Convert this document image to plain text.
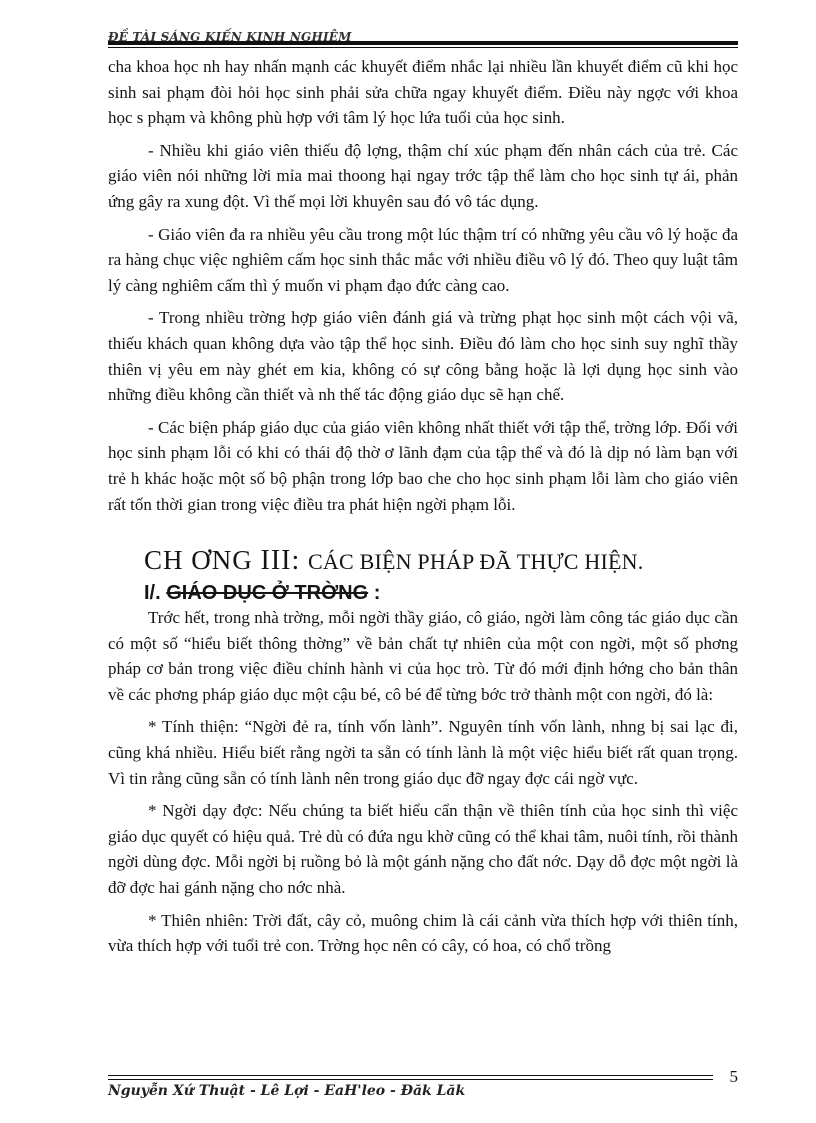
ĐỀ TÀI SÁNG KIẾN KINH NGHIỆM

cha khoa học nh hay nhấn mạnh các khuyết điểm nhắc lại nhiều lần khuyết điểm cũ khi học sinh sai phạm đòi hỏi học sinh phải sửa chữa ngay khuyết điểm. Điều này ngợc với khoa học s phạm và không phù hợp với tâm lý học lứa tuổi của học sinh.

- Nhiều khi giáo viên thiếu độ lợng, thậm chí xúc phạm đến nhân cách của trẻ. Các giáo viên nói những lời mỉa mai thoong hại ngay trớc tập thể làm cho học sinh tự ái, phản ứng gây ra xung đột. Vì thế mọi lời khuyên sau đó vô tác dụng.

- Giáo viên đa ra nhiều yêu cầu trong một lúc thậm trí có những yêu cầu vô lý hoặc đa ra hàng chục việc nghiêm cấm học sinh thắc mắc với nhiều điều vô lý đó. Theo quy luật tâm lý càng nghiêm cấm thì ý muốn vi phạm đạo đức càng cao.

- Trong nhiều trờng hợp giáo viên đánh giá và trừng phạt học sinh một cách vội vã, thiếu khách quan không dựa vào tập thể học sinh. Điều đó làm cho học sinh suy nghĩ thầy thiên vị yêu em này ghét em kia, không có sự công bằng hoặc là lợi dụng học sinh vào những điều không cần thiết và nh thế tác động giáo dục sẽ hạn chế.

- Các biện pháp giáo dục của giáo viên không nhất thiết với tập thể, trờng lớp. Đối với học sinh phạm lỗi có khi có thái độ thờ ơ lãnh đạm của tập thể và đó là dịp nó làm bạn với trẻ h khác hoặc một số bộ phận trong lớp bao che cho học sinh phạm lỗi làm cho giáo viên rất tốn thời gian trong việc điều tra phát hiện ngời phạm lỗi.

CH ƠNG III: CÁC BIỆN PHÁP ĐÃ THỰC HIỆN.
I/. GIÁO DỤC Ở TRỜNG :

Trớc hết, trong nhà trờng, mỗi ngời thầy giáo, cô giáo, ngời làm công tác giáo dục cần có một số “hiểu biết thông thờng” về bản chất tự nhiên của một con ngời, một số phơng pháp cơ bản trong việc điều chỉnh hành vi của học trò. Từ đó mới định hớng cho bản thân về các phơng pháp giáo dục một cậu bé, cô bé để từng bớc trở thành một con ngời, đó là:

* Tính thiện: “Ngời đẻ ra, tính vốn lành”. Nguyên tính vốn lành, nhng bị sai lạc đi, cũng khá nhiều. Hiểu biết rằng ngời ta sẵn có tính lành là một việc hiểu biết rất quan trọng. Vì tin rằng cũng sẵn có tính lành nên trong giáo dục đỡ ngay đợc cái ngờ vực.

* Ngời dạy đợc: Nếu chúng ta biết hiểu cẩn thận về thiên tính của học sinh thì việc giáo dục quyết có hiệu quả. Trẻ dù có đứa ngu khờ cũng có thể khai tâm, nuôi tính, rồi thành ngời dùng đợc. Mỗi ngời bị ruồng bỏ là một gánh nặng cho đất nớc. Dạy dỗ đợc một ngời là đỡ đợc hai gánh nặng cho nớc nhà.

* Thiên nhiên: Trời đất, cây cỏ, muông chim là cái cảnh vừa thích hợp với thiên tính, vừa thích hợp với tuổi trẻ con. Trờng học nên có cây, có hoa, có chổ trồng

Nguyễn Xứ Thuật - Lê Lợi - EaH'leo - Đăk Lăk
5
